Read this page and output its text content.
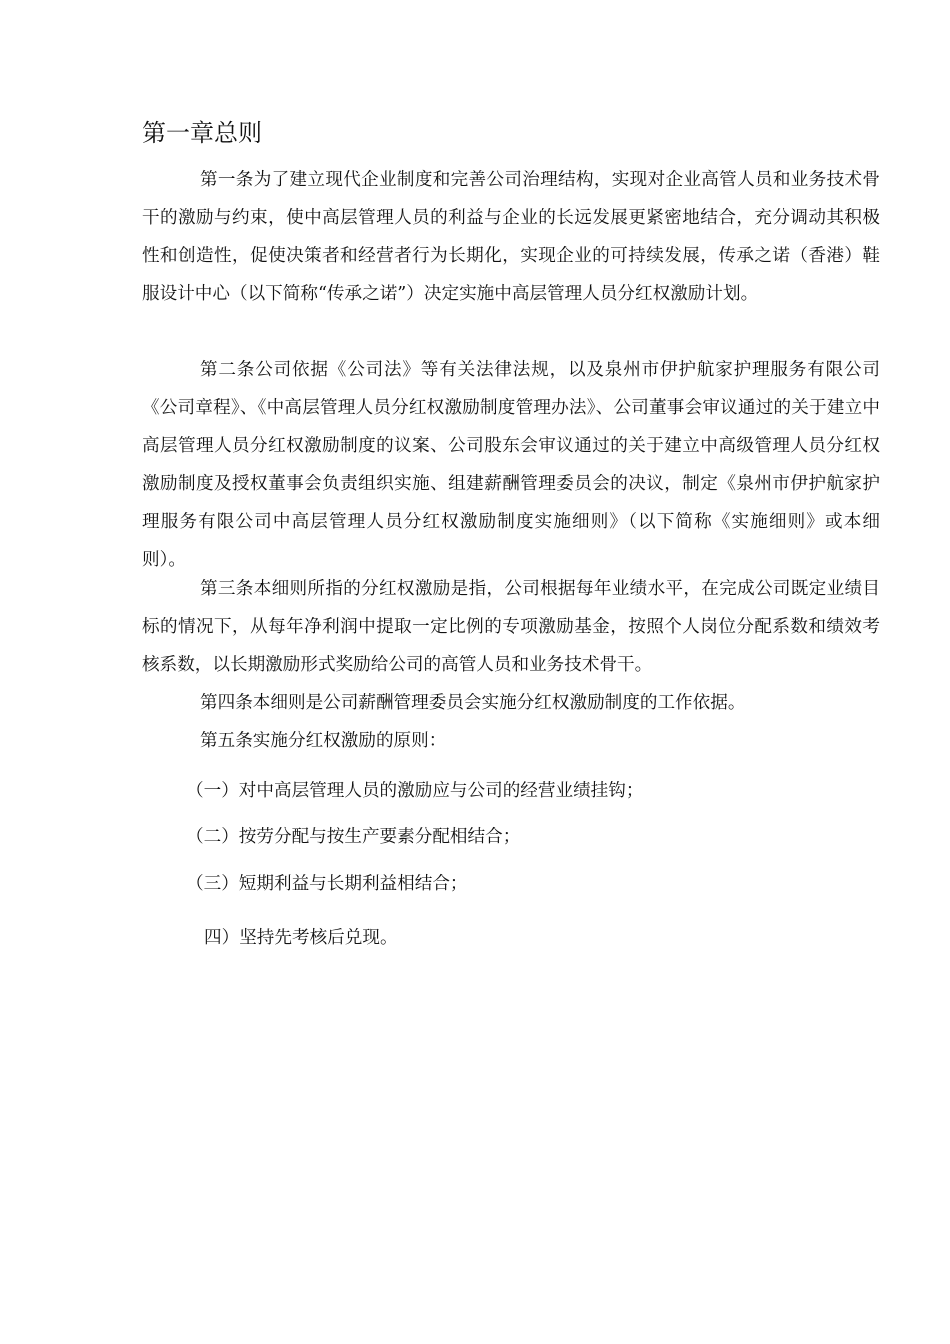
第一章总则

第一条为了建立现代企业制度和完善公司治理结构，实现对企业高管人员和业务技术骨干的激励与约束，使中高层管理人员的利益与企业的长远发展更紧密地结合，充分调动其积极性和创造性，促使决策者和经营者行为长期化，实现企业的可持续发展，传承之诺（香港）鞋服设计中心（以下简称“传承之诺”）决定实施中高层管理人员分红权激励计划。

第二条公司依据《公司法》等有关法律法规，以及泉州市伊护航家护理服务有限公司《公司章程》、《中高层管理人员分红权激励制度管理办法》、公司董事会审议通过的关于建立中高层管理人员分红权激励制度的议案、公司股东会审议通过的关于建立中高级管理人员分红权激励制度及授权董事会负责组织实施、组建薪酬管理委员会的决议，制定《泉州市伊护航家护理服务有限公司中高层管理人员分红权激励制度实施细则》（以下简称《实施细则》或本细则）。

第三条本细则所指的分红权激励是指，公司根据每年业绩水平，在完成公司既定业绩目标的情况下，从每年净利润中提取一定比例的专项激励基金，按照个人岗位分配系数和绩效考核系数，以长期激励形式奖励给公司的高管人员和业务技术骨干。

第四条本细则是公司薪酬管理委员会实施分红权激励制度的工作依据。

第五条实施分红权激励的原则：

（一）对中高层管理人员的激励应与公司的经营业绩挂钩；

（二）按劳分配与按生产要素分配相结合；

（三）短期利益与长期利益相结合；

四）坚持先考核后兑现。
